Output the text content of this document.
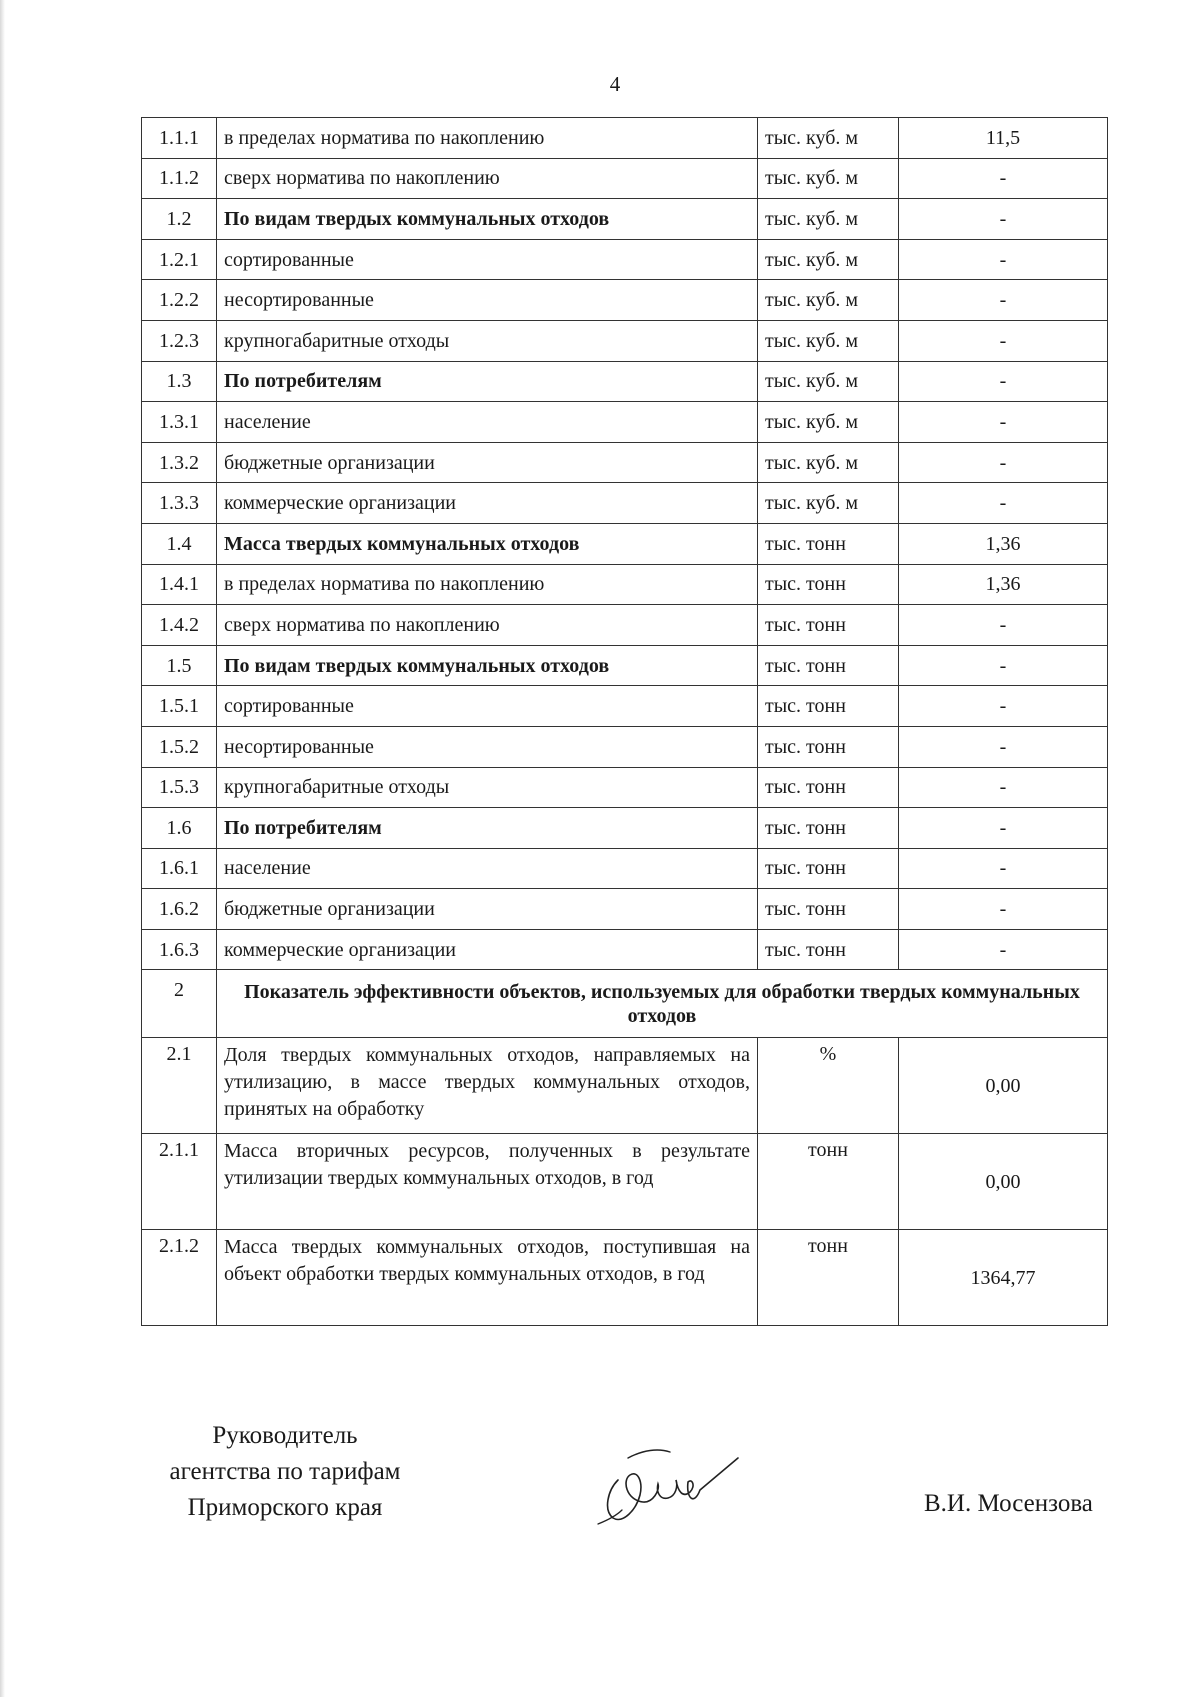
4
1.1.1	в пределах норматива по накоплению	тыс. куб. м	11,5
1.1.2	сверх норматива по накоплению	тыс. куб. м	-
1.2	По видам твердых коммунальных отходов	тыс. куб. м	-
1.2.1	сортированные	тыс. куб. м	-
1.2.2	несортированные	тыс. куб. м	-
1.2.3	крупногабаритные отходы	тыс. куб. м	-
1.3	По потребителям	тыс. куб. м	-
1.3.1	население	тыс. куб. м	-
1.3.2	бюджетные организации	тыс. куб. м	-
1.3.3	коммерческие организации	тыс. куб. м	-
1.4	Масса твердых коммунальных отходов	тыс. тонн	1,36
1.4.1	в пределах норматива по накоплению	тыс. тонн	1,36
1.4.2	сверх норматива по накоплению	тыс. тонн	-
1.5	По видам твердых коммунальных отходов	тыс. тонн	-
1.5.1	сортированные	тыс. тонн	-
1.5.2	несортированные	тыс. тонн	-
1.5.3	крупногабаритные отходы	тыс. тонн	-
1.6	По потребителям	тыс. тонн	-
1.6.1	население	тыс. тонн	-
1.6.2	бюджетные организации	тыс. тонн	-
1.6.3	коммерческие организации	тыс. тонн	-
2	Показатель эффективности объектов, используемых для обработки твердых коммунальных отходов		
2.1	Доля твердых коммунальных отходов, направляемых на утилизацию, в массе твердых коммунальных отходов, принятых на обработку	%	0,00
2.1.1	Масса вторичных ресурсов, полученных в результате утилизации твердых коммунальных отходов, в год	тонн	0,00
2.1.2	Масса твердых коммунальных отходов, поступившая на объект обработки твердых коммунальных отходов, в год	тонн	1364,77
Руководитель
агентства по тарифам
Приморского края	В.И. Мосензова
